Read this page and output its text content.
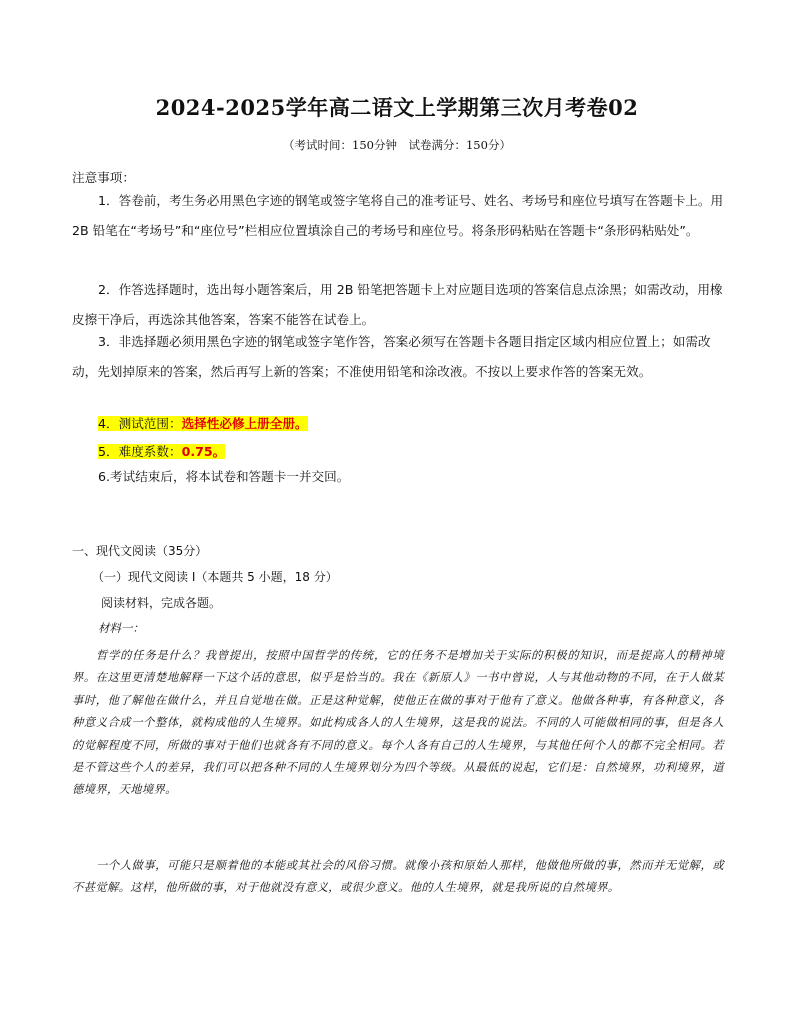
2024-2025学年高二语文上学期第三次月考卷02
（考试时间：150分钟　试卷满分：150分）
注意事项：
1．答卷前，考生务必用黑色字迹的钢笔或签字笔将自己的准考证号、姓名、考场号和座位号填写在答题卡上。用 2B 铅笔在“考场号”和“座位号”栏相应位置填涂自己的考场号和座位号。将条形码粘贴在答题卡“条形码粘贴处”。
2．作答选择题时，选出每小题答案后，用 2B 铅笔把答题卡上对应题目选项的答案信息点涂黑；如需改动，用橡皮擦干净后，再选涂其他答案，答案不能答在试卷上。
3．非选择题必须用黑色字迹的钢笔或签字笔作答，答案必须写在答题卡各题目指定区域内相应位置上；如需改动，先划掉原来的答案，然后再写上新的答案；不准使用铅笔和涂改液。不按以上要求作答的答案无效。
4．测试范围：选择性必修上册全册。
5．难度系数：0.75。
6.考试结束后，将本试卷和答题卡一并交回。
一、现代文阅读（35分）
（一）现代文阅读 I（本题共 5 小题，18 分）
阅读材料，完成各题。
材料一：
哲学的任务是什么？我曾提出，按照中国哲学的传统，它的任务不是增加关于实际的积极的知识，而是提高人的精神境界。在这里更清楚地解释一下这个话的意思，似乎是恰当的。我在《新原人》一书中曾说，人与其他动物的不同，在于人做某事时，他了解他在做什么，并且自觉地在做。正是这种觉解，使他正在做的事对于他有了意义。他做各种事，有各种意义，各种意义合成一个整体，就构成他的人生境界。如此构成各人的人生境界，这是我的说法。不同的人可能做相同的事，但是各人的觉解程度不同，所做的事对于他们也就各有不同的意义。每个人各有自己的人生境界，与其他任何个人的都不完全相同。若是不管这些个人的差异，我们可以把各种不同的人生境界划分为四个等级。从最低的说起，它们是：自然境界，功利境界，道德境界，天地境界。
一个人做事，可能只是顺着他的本能或其社会的风俗习惯。就像小孩和原始人那样，他做他所做的事，然而并无觉解，或不甚觉解。这样，他所做的事，对于他就没有意义，或很少意义。他的人生境界，就是我所说的自然境界。
